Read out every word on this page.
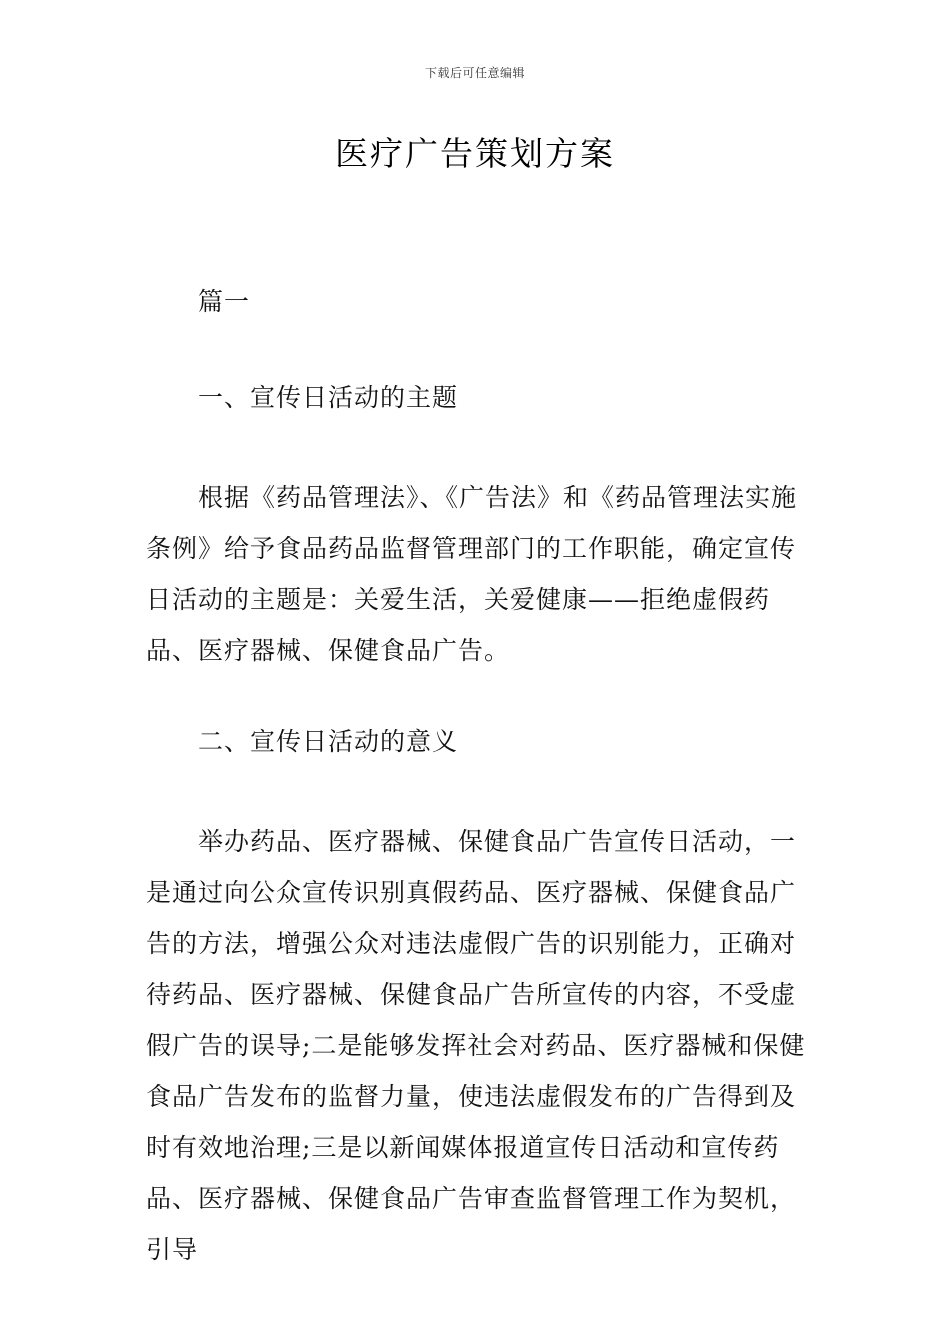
下载后可任意编辑
医疗广告策划方案

篇一

一、宣传日活动的主题

根据《药品管理法》、《广告法》和《药品管理法实施条例》给予食品药品监督管理部门的工作职能，确定宣传日活动的主题是：关爱生活，关爱健康——拒绝虚假药品、医疗器械、保健食品广告。

二、宣传日活动的意义

举办药品、医疗器械、保健食品广告宣传日活动，一是通过向公众宣传识别真假药品、医疗器械、保健食品广告的方法，增强公众对违法虚假广告的识别能力，正确对待药品、医疗器械、保健食品广告所宣传的内容，不受虚假广告的误导;二是能够发挥社会对药品、医疗器械和保健食品广告发布的监督力量，使违法虚假发布的广告得到及时有效地治理;三是以新闻媒体报道宣传日活动和宣传药品、医疗器械、保健食品广告审查监督管理工作为契机，引导
